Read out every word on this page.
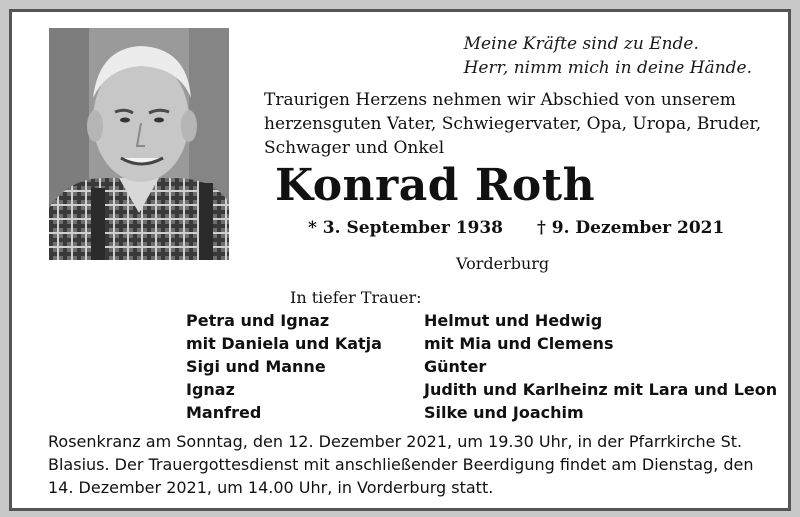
Meine Kräfte sind zu Ende.
Herr, nimm mich in deine Hände.
Traurigen Herzens nehmen wir Abschied von unserem herzensguten Vater, Schwiegervater, Opa, Uropa, Bruder, Schwager und Onkel
Konrad Roth
* 3. September 1938 † 9. Dezember 2021
Vorderburg
In tiefer Trauer:
Petra und Ignaz
mit Daniela und Katja
Sigi und Manne
Ignaz
Manfred
Helmut und Hedwig
mit Mia und Clemens
Günter
Judith und Karlheinz mit Lara und Leon
Silke und Joachim
Rosenkranz am Sonntag, den 12. Dezember 2021, um 19.30 Uhr, in der Pfarrkirche St. Blasius. Der Trauergottesdienst mit anschließender Beerdigung findet am Dienstag, den 14. Dezember 2021, um 14.00 Uhr, in Vorderburg statt.
